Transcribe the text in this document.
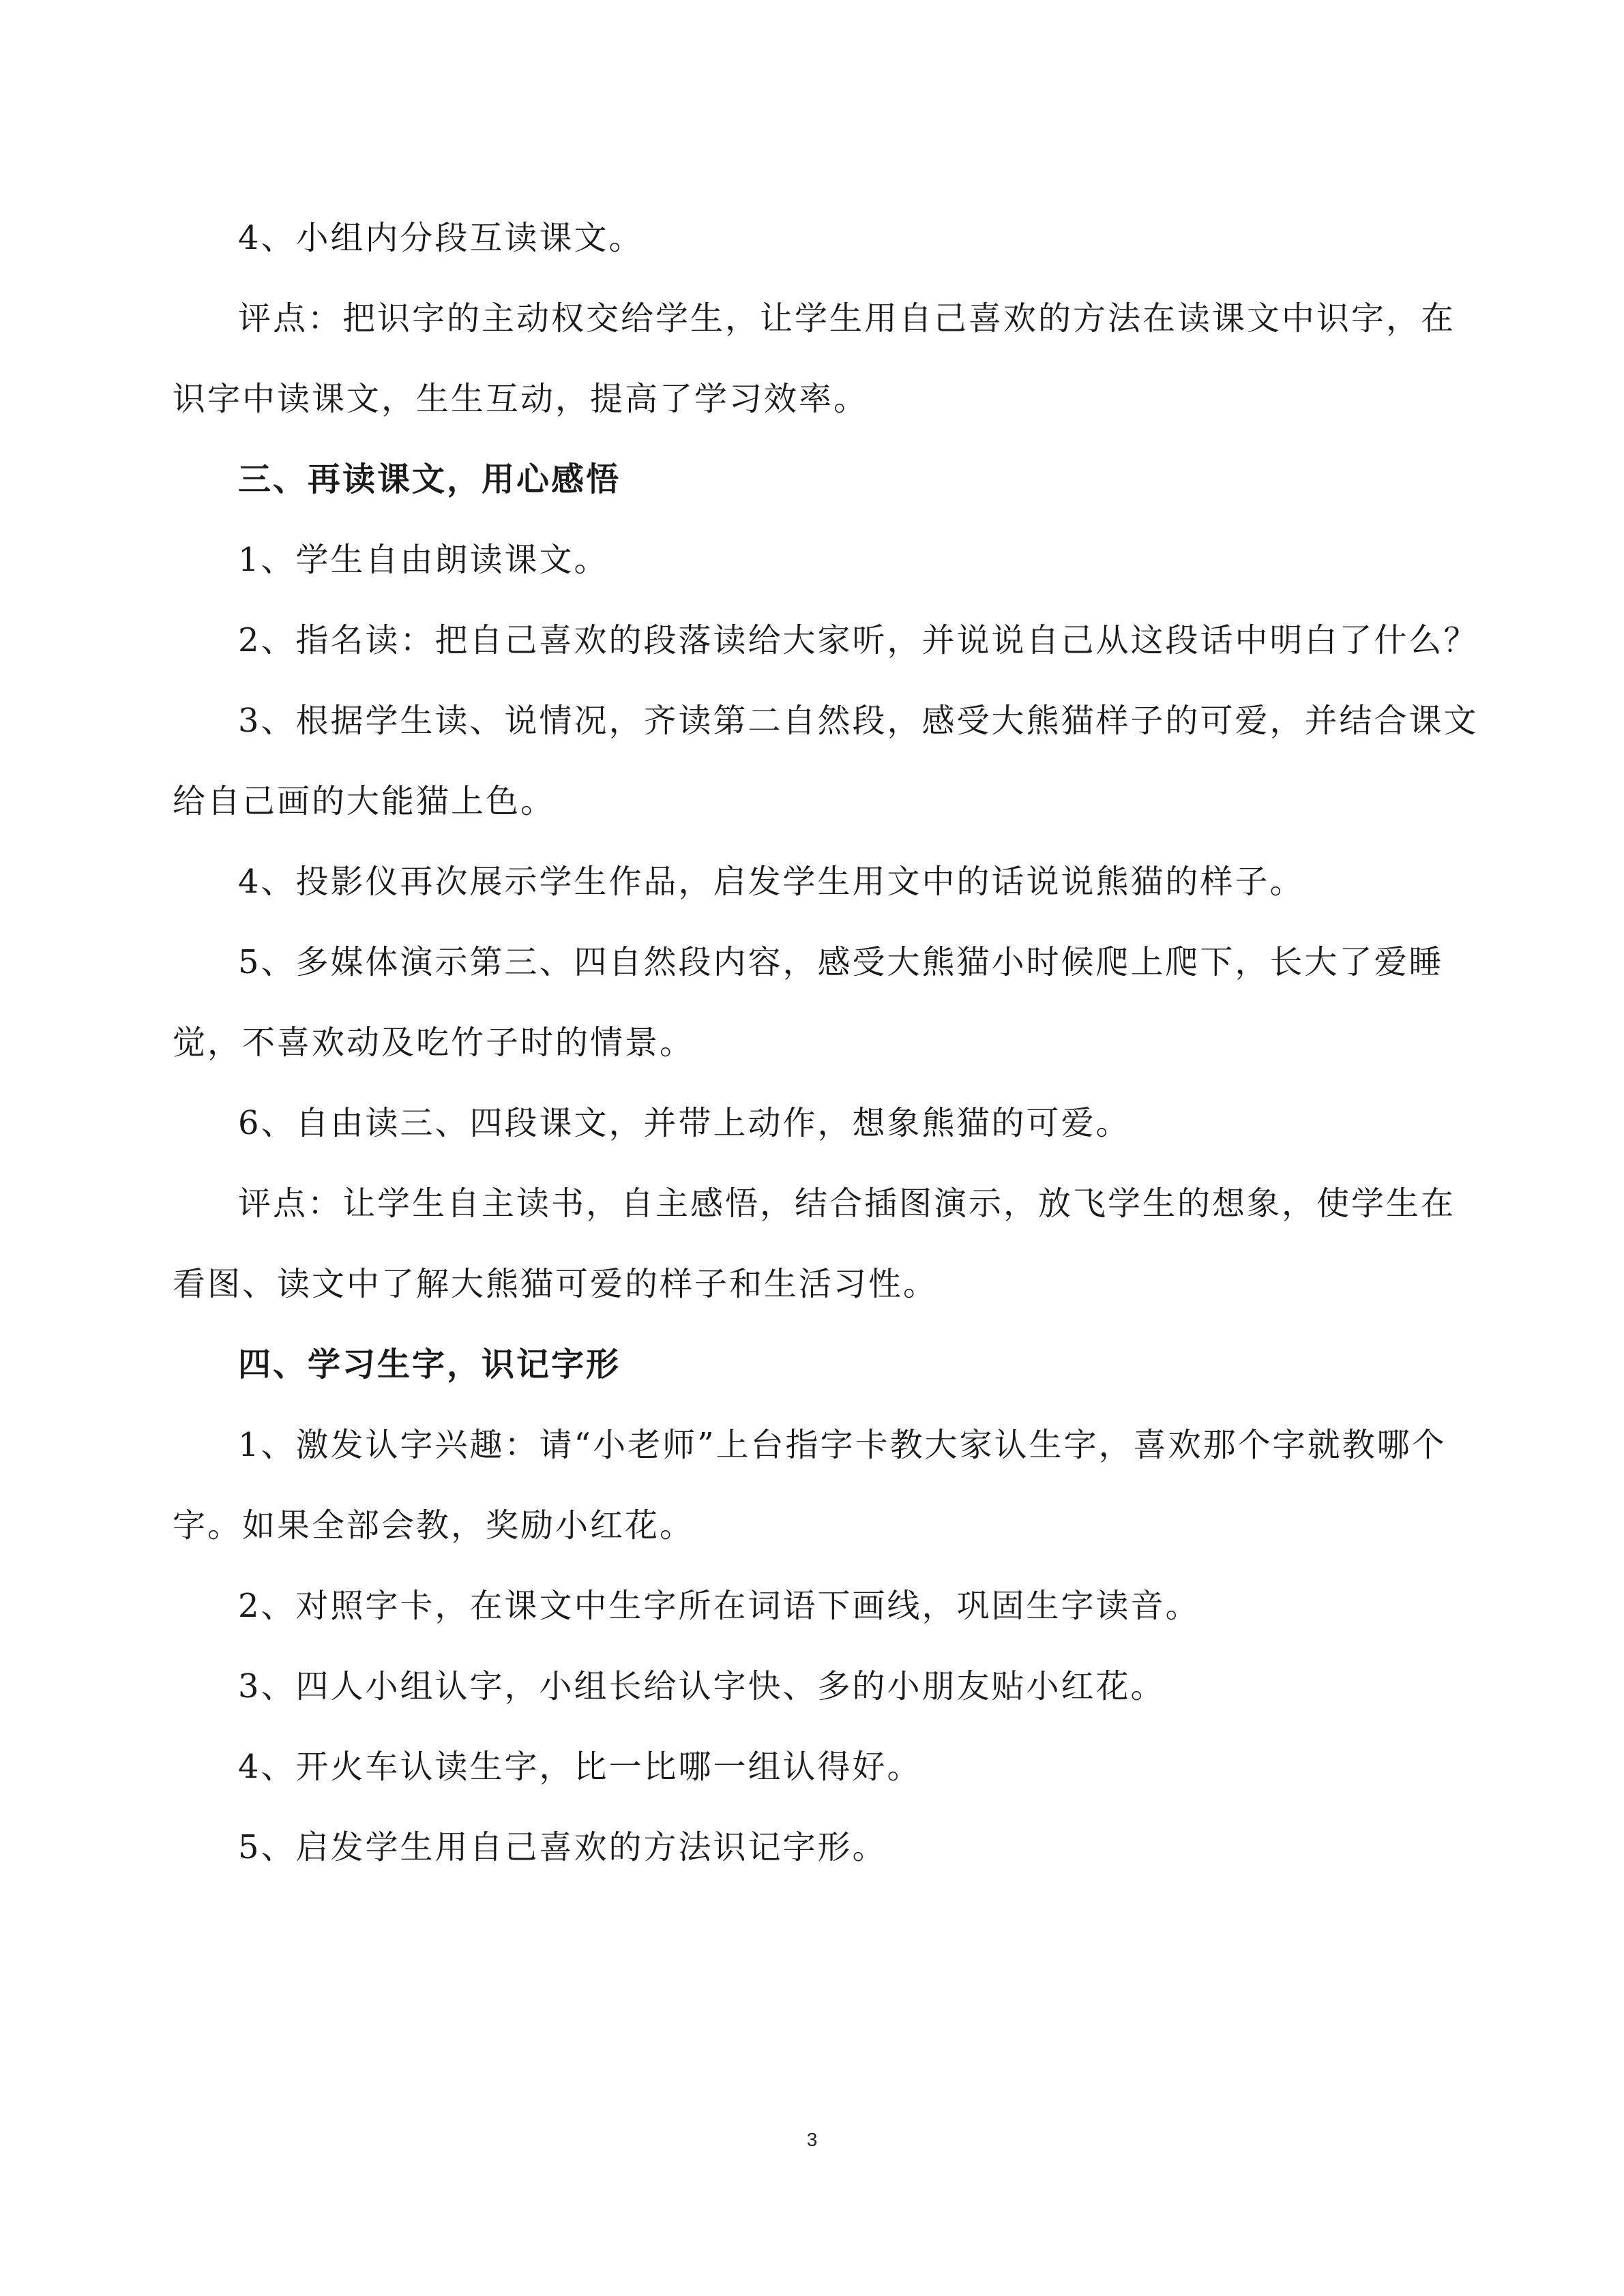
4、小组内分段互读课文。

评点：把识字的主动权交给学生，让学生用自己喜欢的方法在读课文中识字，在识字中读课文，生生互动，提高了学习效率。

三、再读课文，用心感悟

1、学生自由朗读课文。

2、指名读：把自己喜欢的段落读给大家听，并说说自己从这段话中明白了什么？

3、根据学生读、说情况，齐读第二自然段，感受大熊猫样子的可爱，并结合课文给自己画的大能猫上色。

4、投影仪再次展示学生作品，启发学生用文中的话说说熊猫的样子。

5、多媒体演示第三、四自然段内容，感受大熊猫小时候爬上爬下，长大了爱睡觉，不喜欢动及吃竹子时的情景。

6、自由读三、四段课文，并带上动作，想象熊猫的可爱。

评点：让学生自主读书，自主感悟，结合插图演示，放飞学生的想象，使学生在看图、读文中了解大熊猫可爱的样子和生活习性。

四、学习生字，识记字形

1、激发认字兴趣：请“小老师”上台指字卡教大家认生字，喜欢那个字就教哪个字。如果全部会教，奖励小红花。

2、对照字卡，在课文中生字所在词语下画线，巩固生字读音。

3、四人小组认字，小组长给认字快、多的小朋友贴小红花。

4、开火车认读生字，比一比哪一组认得好。

5、启发学生用自己喜欢的方法识记字形。

3
